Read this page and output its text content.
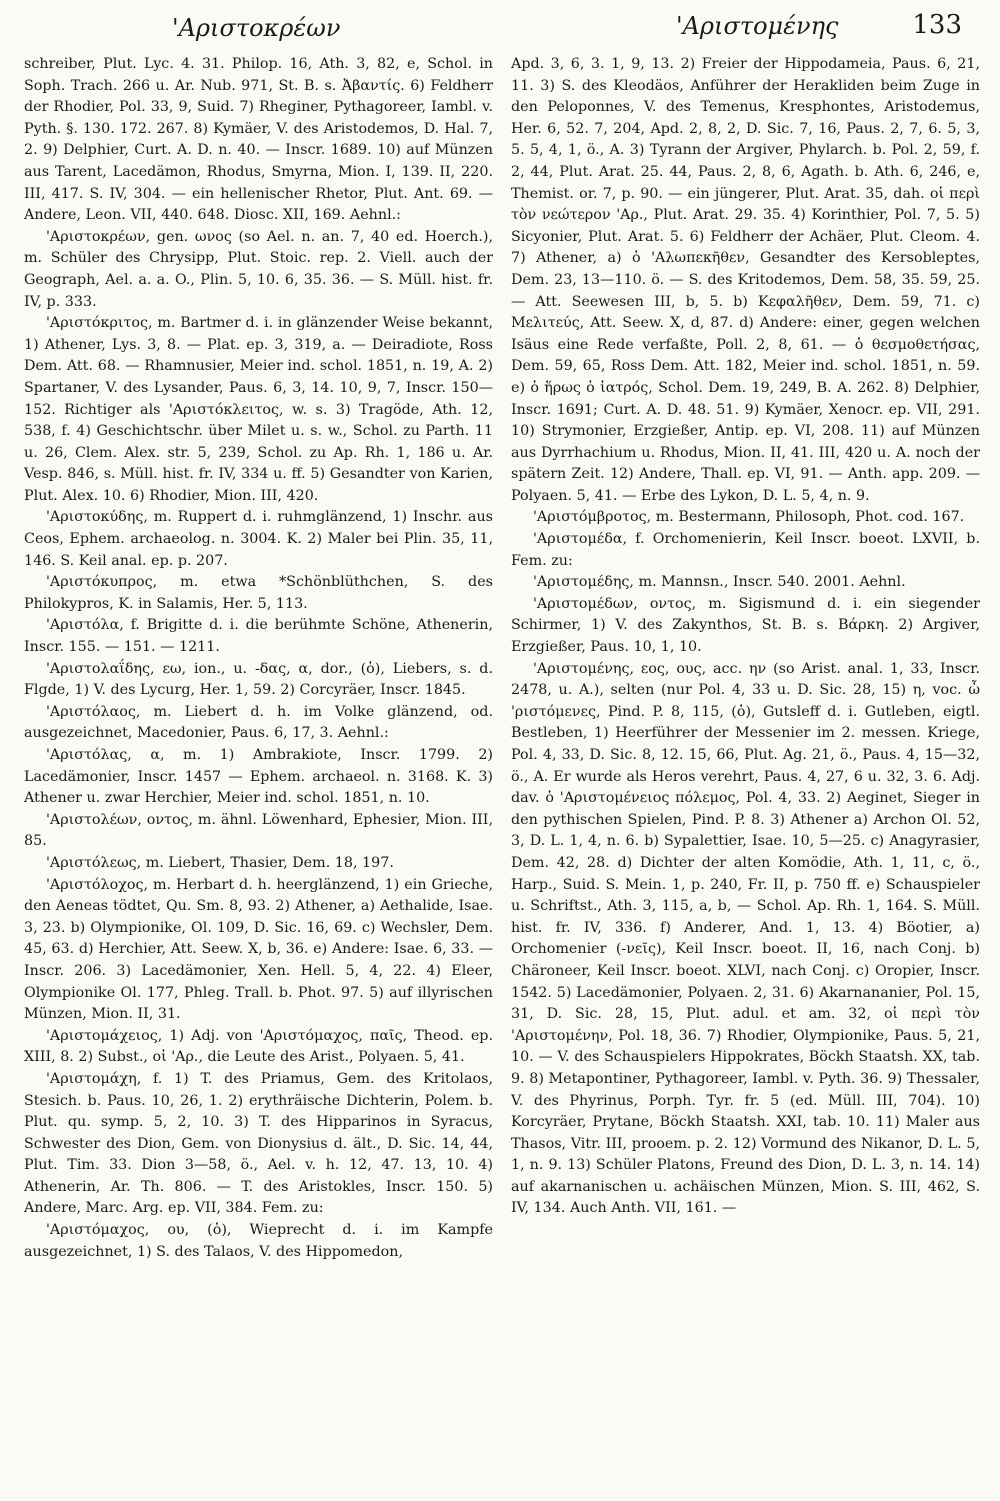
'Αριστοκρέων	'Αριστομένης	133

schreiber, Plut. Lyc. 4. 31. Philop. 16, Ath. 3, 82, e, Schol. in Soph. Trach. 266 u. Ar. Nub. 971, St. B. s. Ἀβαντίς. 6) Feldherr der Rhodier, Pol. 33, 9, Suid. 7) Rheginer, Pythagoreer, Iambl. v. Pyth. §. 130. 172. 267. 8) Kymäer, V. des Aristodemos, D. Hal. 7, 2. 9) Delphier, Curt. A. D. n. 40. — Inscr. 1689. 10) auf Münzen aus Tarent, Lacedämon, Rhodus, Smyrna, Mion. I, 139. II, 220. III, 417. S. IV, 304. — ein hellenischer Rhetor, Plut. Ant. 69. — Andere, Leon. VII, 440. 648. Diosc. XII, 169. Aehnl.:

'Αριστοκρέων, gen. ωνος (so Ael. n. an. 7, 40 ed. Hoerch.), m. Schüler des Chrysipp, Plut. Stoic. rep. 2. Viell. auch der Geograph, Ael. a. a. O., Plin. 5, 10. 6, 35. 36. — S. Müll. hist. fr. IV, p. 333.

'Αριστόκριτος, m. Bartmer d. i. in glänzender Weise bekannt, 1) Athener, Lys. 3, 8. — Plat. ep. 3, 319, a. — Deiradiote, Ross Dem. Att. 68. — Rhamnusier, Meier ind. schol. 1851, n. 19, A. 2) Spartaner, V. des Lysander, Paus. 6, 3, 14. 10, 9, 7, Inscr. 150—152. Richtiger als 'Αριστόκλειτος, w. s. 3) Tragöde, Ath. 12, 538, f. 4) Geschichtschr. über Milet u. s. w., Schol. zu Parth. 11 u. 26, Clem. Alex. str. 5, 239, Schol. zu Ap. Rh. 1, 186 u. Ar. Vesp. 846, s. Müll. hist. fr. IV, 334 u. ff. 5) Gesandter von Karien, Plut. Alex. 10. 6) Rhodier, Mion. III, 420.

'Αριστοκύδης, m. Ruppert d. i. ruhmglänzend, 1) Inschr. aus Ceos, Ephem. archaeolog. n. 3004. K. 2) Maler bei Plin. 35, 11, 146. S. Keil anal. ep. p. 207.

'Αριστόκυπρος, m. etwa *Schönblüthchen, S. des Philokypros, K. in Salamis, Her. 5, 113.

'Αριστόλα, f. Brigitte d. i. die berühmte Schöne, Athenerin, Inscr. 155. — 151. — 1211.

'Αριστολαΐδης, εω, ion., u. -δας, α, dor., (ὁ), Liebers, s. d. Flgde, 1) V. des Lycurg, Her. 1, 59. 2) Corcyräer, Inscr. 1845.

'Αριστόλαος, m. Liebert d. h. im Volke glänzend, od. ausgezeichnet, Macedonier, Paus. 6, 17, 3. Aehnl.:

'Αριστόλας, α, m. 1) Ambrakiote, Inscr. 1799. 2) Lacedämonier, Inscr. 1457 — Ephem. archaeol. n. 3168. K. 3) Athener u. zwar Herchier, Meier ind. schol. 1851, n. 10.

'Αριστολέων, οντος, m. ähnl. Löwenhard, Ephesier, Mion. III, 85.

'Αριστόλεως, m. Liebert, Thasier, Dem. 18, 197.

'Αριστόλοχος, m. Herbart d. h. heerglänzend, 1) ein Grieche, den Aeneas tödtet, Qu. Sm. 8, 93. 2) Athener, a) Aethalide, Isae. 3, 23. b) Olympionike, Ol. 109, D. Sic. 16, 69. c) Wechsler, Dem. 45, 63. d) Herchier, Att. Seew. X, b, 36. e) Andere: Isae. 6, 33. — Inscr. 206. 3) Lacedämonier, Xen. Hell. 5, 4, 22. 4) Eleer, Olympionike Ol. 177, Phleg. Trall. b. Phot. 97. 5) auf illyrischen Münzen, Mion. II, 31.

'Αριστομάχειος, 1) Adj. von 'Αριστόμαχος, παῖς, Theod. ep. XIII, 8. 2) Subst., οἱ 'Αρ., die Leute des Arist., Polyaen. 5, 41.

'Αριστομάχη, f. 1) T. des Priamus, Gem. des Kritolaos, Stesich. b. Paus. 10, 26, 1. 2) erythräische Dichterin, Polem. b. Plut. qu. symp. 5, 2, 10. 3) T. des Hipparinos in Syracus, Schwester des Dion, Gem. von Dionysius d. ält., D. Sic. 14, 44, Plut. Tim. 33. Dion 3—58, ö., Ael. v. h. 12, 47. 13, 10. 4) Athenerin, Ar. Th. 806. — T. des Aristokles, Inscr. 150. 5) Andere, Marc. Arg. ep. VII, 384. Fem. zu:

'Αριστόμαχος, ου, (ὁ), Wieprecht d. i. im Kampfe ausgezeichnet, 1) S. des Talaos, V. des Hippomedon,

Apd. 3, 6, 3. 1, 9, 13. 2) Freier der Hippodameia, Paus. 6, 21, 11. 3) S. des Kleodäos, Anführer der Herakliden beim Zuge in den Peloponnes, V. des Temenus, Kresphontes, Aristodemus, Her. 6, 52. 7, 204, Apd. 2, 8, 2, D. Sic. 7, 16, Paus. 2, 7, 6. 5, 3, 5. 5, 4, 1, ö., A. 3) Tyrann der Argiver, Phylarch. b. Pol. 2, 59, f. 2, 44, Plut. Arat. 25. 44, Paus. 2, 8, 6, Agath. b. Ath. 6, 246, e, Themist. or. 7, p. 90. — ein jüngerer, Plut. Arat. 35, dah. οἱ περὶ τὸν νεώτερον 'Αρ., Plut. Arat. 29. 35. 4) Korinthier, Pol. 7, 5. 5) Sicyonier, Plut. Arat. 5. 6) Feldherr der Achäer, Plut. Cleom. 4. 7) Athener, a) ὁ 'Αλωπεκῆθεν, Gesandter des Kersobleptes, Dem. 23, 13—110. ö. — S. des Kritodemos, Dem. 58, 35. 59, 25. — Att. Seewesen III, b, 5. b) Κεφαλῆθεν, Dem. 59, 71. c) Μελιτεύς, Att. Seew. X, d, 87. d) Andere: einer, gegen welchen Isäus eine Rede verfaßte, Poll. 2, 8, 61. — ὁ θεσμοθετήσας, Dem. 59, 65, Ross Dem. Att. 182, Meier ind. schol. 1851, n. 59. e) ὁ ἥρως ὁ ἰατρός, Schol. Dem. 19, 249, B. A. 262. 8) Delphier, Inscr. 1691; Curt. A. D. 48. 51. 9) Kymäer, Xenocr. ep. VII, 291. 10) Strymonier, Erzgießer, Antip. ep. VI, 208. 11) auf Münzen aus Dyrrhachium u. Rhodus, Mion. II, 41. III, 420 u. A. noch der spätern Zeit. 12) Andere, Thall. ep. VI, 91. — Anth. app. 209. — Polyaen. 5, 41. — Erbe des Lykon, D. L. 5, 4, n. 9.

'Αριστόμβροτος, m. Bestermann, Philosoph, Phot. cod. 167.

'Αριστομέδα, f. Orchomenierin, Keil Inscr. boeot. LXVII, b. Fem. zu:

'Αριστομέδης, m. Mannsn., Inscr. 540. 2001. Aehnl.

'Αριστομέδων, οντος, m. Sigismund d. i. ein siegender Schirmer, 1) V. des Zakynthos, St. B. s. Βάρκη. 2) Argiver, Erzgießer, Paus. 10, 1, 10.

'Αριστομένης, εος, ους, acc. ην (so Arist. anal. 1, 33, Inscr. 2478, u. A.), selten (nur Pol. 4, 33 u. D. Sic. 28, 15) η, voc. ὦ 'ριστόμενες, Pind. P. 8, 115, (ὁ), Gutsleff d. i. Gutleben, eigtl. Bestleben, 1) Heerführer der Messenier im 2. messen. Kriege, Pol. 4, 33, D. Sic. 8, 12. 15, 66, Plut. Ag. 21, ö., Paus. 4, 15—32, ö., A. Er wurde als Heros verehrt, Paus. 4, 27, 6 u. 32, 3. 6. Adj. dav. ὁ 'Αριστομένειος πόλεμος, Pol. 4, 33. 2) Aeginet, Sieger in den pythischen Spielen, Pind. P. 8. 3) Athener a) Archon Ol. 52, 3, D. L. 1, 4, n. 6. b) Sypalettier, Isae. 10, 5—25. c) Anagyrasier, Dem. 42, 28. d) Dichter der alten Komödie, Ath. 1, 11, c, ö., Harp., Suid. S. Mein. 1, p. 240, Fr. II, p. 750 ff. e) Schauspieler u. Schriftst., Ath. 3, 115, a, b, — Schol. Ap. Rh. 1, 164. S. Müll. hist. fr. IV, 336. f) Anderer, And. 1, 13. 4) Böotier, a) Orchomenier (-νεῖς), Keil Inscr. boeot. II, 16, nach Conj. b) Chäroneer, Keil Inscr. boeot. XLVI, nach Conj. c) Oropier, Inscr. 1542. 5) Lacedämonier, Polyaen. 2, 31. 6) Akarnananier, Pol. 15, 31, D. Sic. 28, 15, Plut. adul. et am. 32, οἱ περὶ τὸν 'Αριστομένην, Pol. 18, 36. 7) Rhodier, Olympionike, Paus. 5, 21, 10. — V. des Schauspielers Hippokrates, Böckh Staatsh. XX, tab. 9. 8) Metapontiner, Pythagoreer, Iambl. v. Pyth. 36. 9) Thessaler, V. des Phyrinus, Porph. Tyr. fr. 5 (ed. Müll. III, 704). 10) Korcyräer, Prytane, Böckh Staatsh. XXI, tab. 10. 11) Maler aus Thasos, Vitr. III, prooem. p. 2. 12) Vormund des Nikanor, D. L. 5, 1, n. 9. 13) Schüler Platons, Freund des Dion, D. L. 3, n. 14. 14) auf akarnanischen u. achäischen Münzen, Mion. S. III, 462, S. IV, 134. Auch Anth. VII, 161. —
